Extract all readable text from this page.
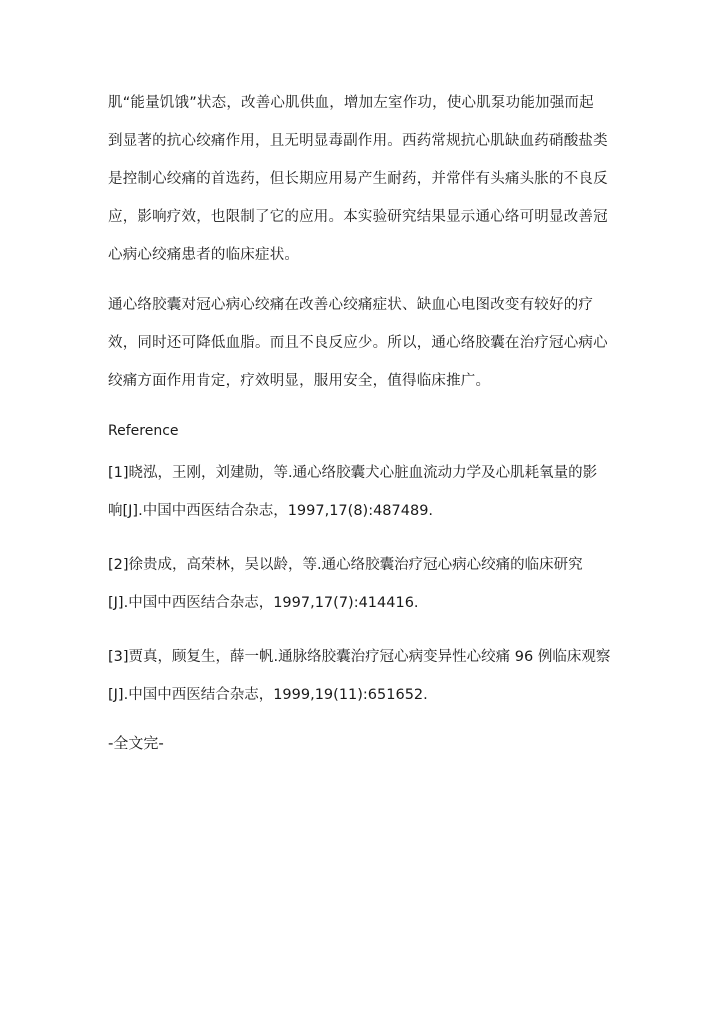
肌“能量饥饿”状态，改善心肌供血，增加左室作功，使心肌泵功能加强而起
到显著的抗心绞痛作用，且无明显毒副作用。西药常规抗心肌缺血药硝酸盐类
是控制心绞痛的首选药，但长期应用易产生耐药，并常伴有头痛头胀的不良反
应，影响疗效，也限制了它的应用。本实验研究结果显示通心络可明显改善冠
心病心绞痛患者的临床症状。

通心络胶囊对冠心病心绞痛在改善心绞痛症状、缺血心电图改变有较好的疗
效，同时还可降低血脂。而且不良反应少。所以，通心络胶囊在治疗冠心病心
绞痛方面作用肯定，疗效明显，服用安全，值得临床推广。

Reference
[1]晓泓，王刚，刘建勋，等.通心络胶囊犬心脏血流动力学及心肌耗氧量的影
响[J].中国中西医结合杂志，1997,17(8):487489.
[2]徐贵成，高荣林，吴以龄，等.通心络胶囊治疗冠心病心绞痛的临床研究
[J].中国中西医结合杂志，1997,17(7):414416.
[3]贾真，顾复生，薛一帆.通脉络胶囊治疗冠心病变异性心绞痛 96 例临床观察
[J].中国中西医结合杂志，1999,19(11):651652.
-全文完-
